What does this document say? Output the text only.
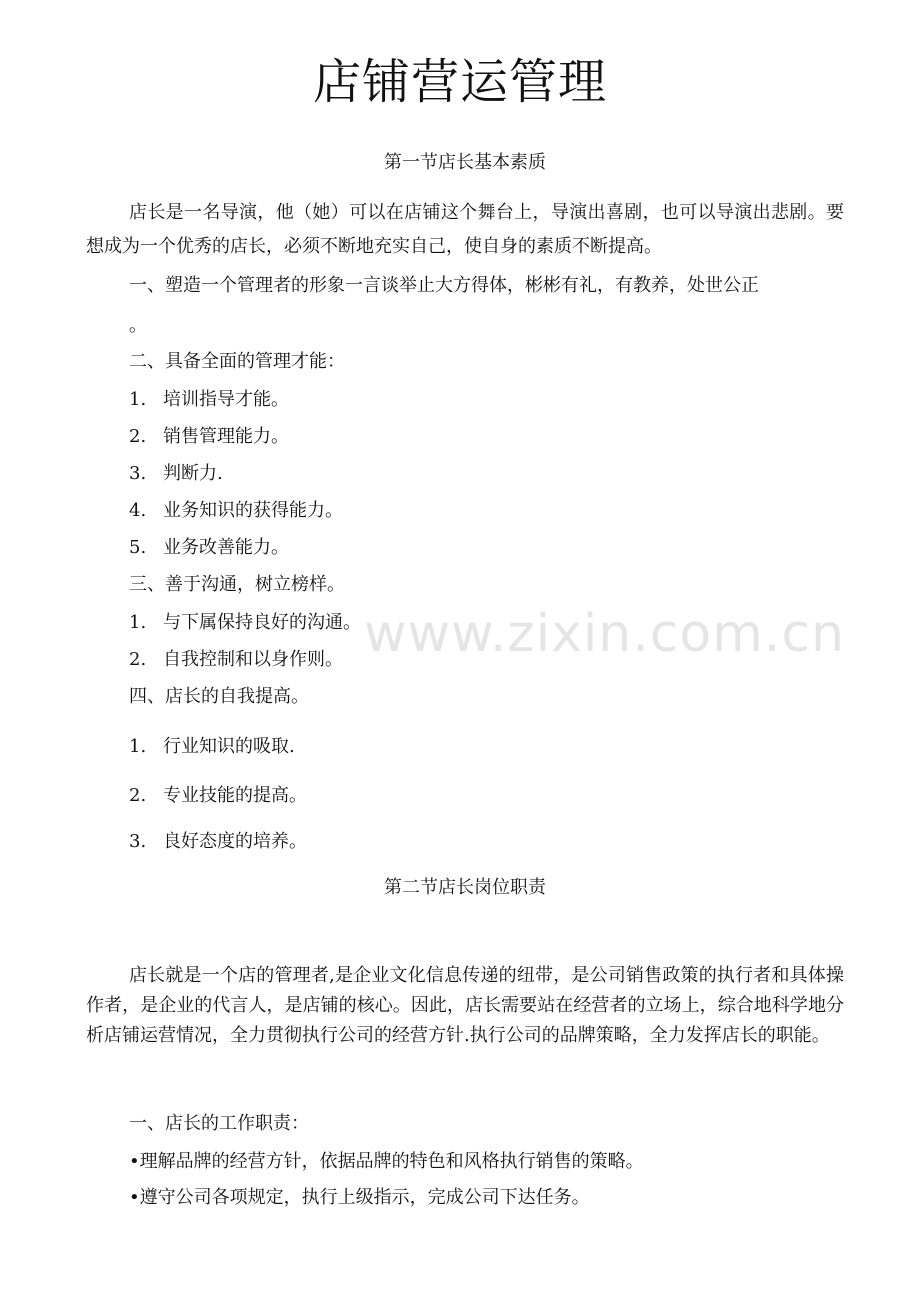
店铺营运管理
第一节店长基本素质

店长是一名导演，他（她）可以在店铺这个舞台上，导演出喜剧，也可以导演出悲剧。要想成为一个优秀的店长，必须不断地充实自己，使自身的素质不断提高。

一、塑造一个管理者的形象一言谈举止大方得体，彬彬有礼，有教养，处世公正
。
二、具备全面的管理才能：
1. 培训指导才能。
2. 销售管理能力。
3. 判断力.
4. 业务知识的获得能力。
5. 业务改善能力。
三、善于沟通，树立榜样。
1. 与下属保持良好的沟通。
2. 自我控制和以身作则。
四、店长的自我提高。
1. 行业知识的吸取.
2. 专业技能的提高。
3. 良好态度的培养。
第二节店长岗位职责

店长就是一个店的管理者,是企业文化信息传递的纽带，是公司销售政策的执行者和具体操作者，是企业的代言人，是店铺的核心。因此，店长需要站在经营者的立场上，综合地科学地分析店铺运营情况，全力贯彻执行公司的经营方针.执行公司的品牌策略，全力发挥店长的职能。

一、店长的工作职责：
•理解品牌的经营方针，依据品牌的特色和风格执行销售的策略。
•遵守公司各项规定，执行上级指示，完成公司下达任务。
www.zixin.com.cn
